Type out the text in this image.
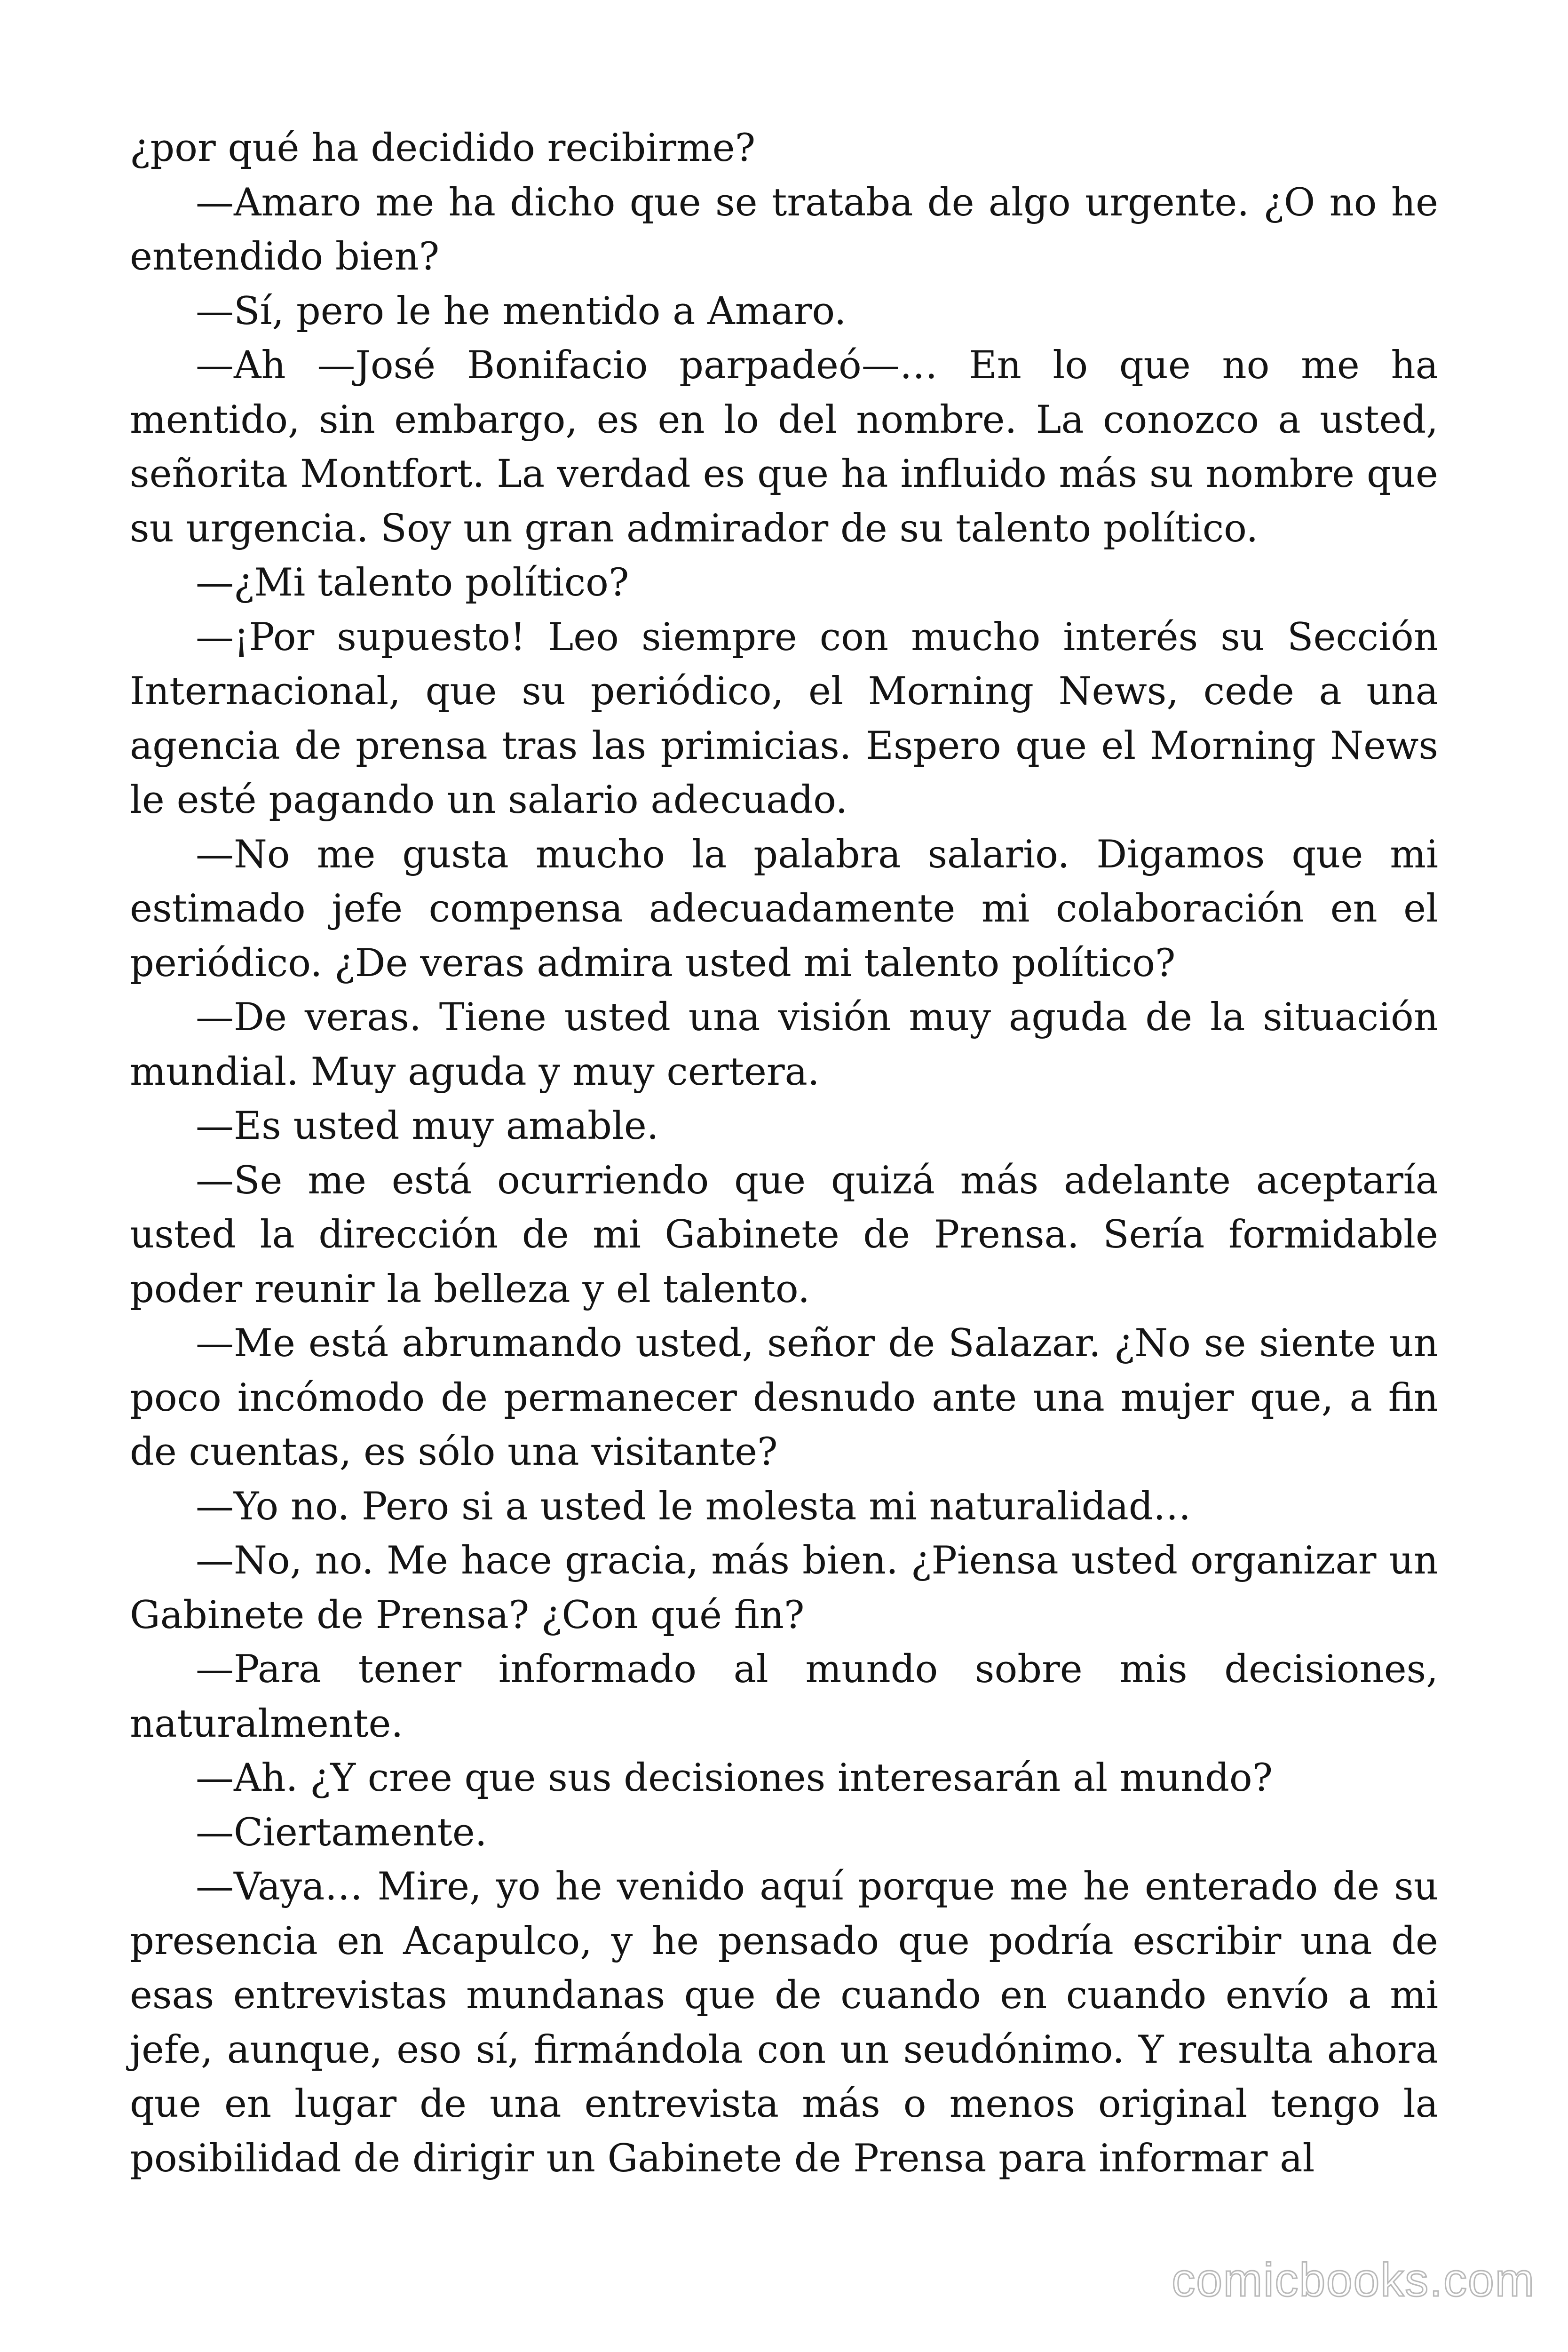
¿por qué ha decidido recibirme?

—Amaro me ha dicho que se trataba de algo urgente. ¿O no he entendido bien?

—Sí, pero le he mentido a Amaro.

—Ah —José Bonifacio parpadeó—… En lo que no me ha mentido, sin embargo, es en lo del nombre. La conozco a usted, señorita Montfort. La verdad es que ha influido más su nombre que su urgencia. Soy un gran admirador de su talento político.

—¿Mi talento político?

—¡Por supuesto! Leo siempre con mucho interés su Sección Internacional, que su periódico, el Morning News, cede a una agencia de prensa tras las primicias. Espero que el Morning News le esté pagando un salario adecuado.

—No me gusta mucho la palabra salario. Digamos que mi estimado jefe compensa adecuadamente mi colaboración en el periódico. ¿De veras admira usted mi talento político?

—De veras. Tiene usted una visión muy aguda de la situación mundial. Muy aguda y muy certera.

—Es usted muy amable.

—Se me está ocurriendo que quizá más adelante aceptaría usted la dirección de mi Gabinete de Prensa. Sería formidable poder reunir la belleza y el talento.

—Me está abrumando usted, señor de Salazar. ¿No se siente un poco incómodo de permanecer desnudo ante una mujer que, a fin de cuentas, es sólo una visitante?

—Yo no. Pero si a usted le molesta mi naturalidad…

—No, no. Me hace gracia, más bien. ¿Piensa usted organizar un Gabinete de Prensa? ¿Con qué fin?

—Para tener informado al mundo sobre mis decisiones, naturalmente.

—Ah. ¿Y cree que sus decisiones interesarán al mundo?

—Ciertamente.

—Vaya… Mire, yo he venido aquí porque me he enterado de su presencia en Acapulco, y he pensado que podría escribir una de esas entrevistas mundanas que de cuando en cuando envío a mi jefe, aunque, eso sí, firmándola con un seudónimo. Y resulta ahora que en lugar de una entrevista más o menos original tengo la posibilidad de dirigir un Gabinete de Prensa para informar al

comicbooks.com
